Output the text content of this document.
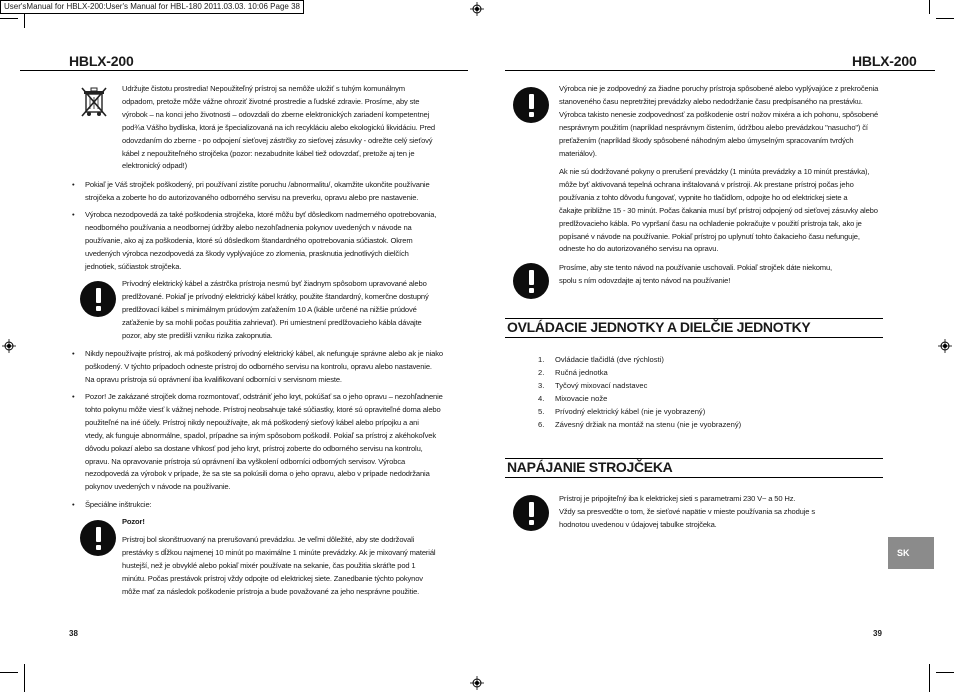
User'sManual for HBLX-200:User's Manual for HBL-180 2011.03.03. 10:06 Page 38
HBLX-200	HBLX-200

Udržujte čistotu prostredia! Nepoužiteľný prístroj sa nemôže uložiť s tuhým komunálnym

odpadom, pretože môže vážne ohroziť životné prostredie a ľudské zdravie. Prosíme, aby ste

výrobok – na konci jeho životnosti – odovzdali do zberne elektronických zariadení kompetentnej

pod¾a Vášho bydliska, ktorá je špecializovaná na ich recykláciu alebo ekologickú likvidáciu. Pred

odovzdaním do zberne - po odpojení sieťovej zástrčky zo sieťovej zásuvky - odrežte celý sieťový

kábel z nepoužiteľného strojčeka (pozor: nezabudnite kábel tiež odovzdať, pretože aj ten je

elektronický odpad!)

• Pokiaľ je Váš strojček poškodený, pri používaní zistíte poruchu /abnormalitu/, okamžite ukončite používanie

strojčeka a zoberte ho do autorizovaného odborného servisu na preverku, opravu alebo pre nastavenie.

• Výrobca nezodpovedá za také poškodenia strojčeka, ktoré môžu byť dôsledkom nadmerného opotrebovania,

neodborného používania a neodbornej údržby alebo nezohľadnenia pokynov uvedených v návode na

používanie, ako aj za poškodenia, ktoré sú dôsledkom štandardného opotrebovania súčiastok. Okrem

uvedených výrobca nezodpovedá za škody vyplývajúce zo zlomenia, prasknutia jednotlivých dielčích

jednotiek, súčiastok strojčeka.

Prívodný elektrický kábel a zástrčka prístroja nesmú byť žiadnym spôsobom upravované alebo

predlžované. Pokiaľ je prívodný elektrický kábel krátky, použite štandardný, komerčne dostupný

predlžovací kábel s minimálnym prúdovým zaťažením 10 A (káble určené na nižšie prúdové

zaťaženie by sa mohli počas použitia zahrievať). Pri umiestnení predlžovacieho kábla dávajte

pozor, aby ste predišli vzniku rizika zakopnutia.

• Nikdy nepoužívajte prístroj, ak má poškodený prívodný elektrický kábel, ak nefunguje správne alebo ak je niako

poškodený. V týchto prípadoch odneste prístroj do odborného servisu na kontrolu, opravu alebo nastavenie.

Na opravu prístroja sú oprávnení iba kvalifikovaní odborníci v servisnom mieste.

• Pozor! Je zakázané strojček doma rozmontovať, odstrániť jeho kryt, pokúšať sa o jeho opravu – nezohľadnenie

tohto pokynu môže viesť k vážnej nehode. Prístroj neobsahuje také súčiastky, ktoré sú opraviteľné doma alebo

použiteľné na iné účely. Prístroj nikdy nepoužívajte, ak má poškodený sieťový kábel alebo prípojku a ani

vtedy, ak funguje abnormálne, spadol, prípadne sa iným spôsobom poškodil. Pokiaľ sa prístroj z akéhokoľvek

dôvodu pokazí alebo sa dostane vlhkosť pod jeho kryt, prístroj zoberte do odborného servisu na kontrolu,

opravu. Na opravovanie prístroja sú oprávnení iba vyškolení odborníci odborných servisov. Výrobca

nezodpovedá za výrobok v prípade, že sa ste sa pokúsili doma o jeho opravu, alebo v prípade nedodržania

pokynov uvedených v návode na používanie.

• Špeciálne inštrukcie:
Pozor!

Prístroj bol skonštruovaný na prerušovanú prevádzku. Je veľmi dôležité, aby ste dodržovali

prestávky s dĺžkou najmenej 10 minút po maximálne 1 minúte prevádzky. Ak je mixovaný materiál

hustejší, než je obvyklé alebo pokiaľ mixér používate na sekanie, čas použitia skráťte pod 1

minútu. Počas prestávok prístroj vždy odpojte od elektrickej siete. Zanedbanie týchto pokynov

môže mať za následok poškodenie prístroja a bude považované za jeho nesprávne použitie.

38

Výrobca nie je zodpovedný za žiadne poruchy prístroja spôsobené alebo vyplývajúce z prekročenia

stanoveného času nepretržitej prevádzky alebo nedodržanie času predpísaného na prestávku.

Výrobca takisto nenesie zodpovednosť za poškodenie ostrí nožov mixéra a ich pohonu, spôsobené

nesprávnym použitím (napríklad nesprávnym čistením, údržbou alebo prevádzkou "nasucho") čí

preťažením (napríklad škody spôsobené náhodným alebo úmyselným spracovaním tvrdých

materiálov).

Ak nie sú dodržované pokyny o prerušení prevádzky (1 minúta prevádzky a 10 minút prestávka),

môže byť aktivovaná tepelná ochrana inštalovaná v prístroji. Ak prestane prístroj počas jeho

používania z tohto dôvodu fungovať, vypnite ho tlačidlom, odpojte ho od elektrickej siete a

čakajte približne 15 - 30 minút. Počas čakania musí byť prístroj odpojený od sieťovej zásuvky alebo

predlžovacieho kábla. Po vypršaní času na ochladenie pokračujte v použití prístroja tak, ako je

popísané v návode na používanie. Pokiaľ prístroj po uplynutí tohto čakacieho času nefunguje,

odneste ho do autorizovaného servisu na opravu.

Prosíme, aby ste tento návod na používanie uschovali. Pokiaľ strojček dáte niekomu,

spolu s ním odovzdajte aj tento návod na používanie!

OVLÁDACIE JEDNOTKY A DIELČIE JEDNOTKY
1. Ovládacie tlačidlá (dve rýchlosti)
2. Ručná jednotka
3. Tyčový mixovací nadstavec
4. Mixovacie nože
5. Prívodný elektrický kábel (nie je vyobrazený)
6. Závesný držiak na montáž na stenu (nie je vyobrazený)
NAPÁJANIE STROJČEKA

Prístroj je pripojiteľný iba k elektrickej sieti s parametrami 230 V~ a 50 Hz.

Vždy sa presvedčte o tom, že sieťové napätie v mieste používania sa zhoduje s

hodnotou uvedenou v údajovej tabulke strojčeka.

SK
39
